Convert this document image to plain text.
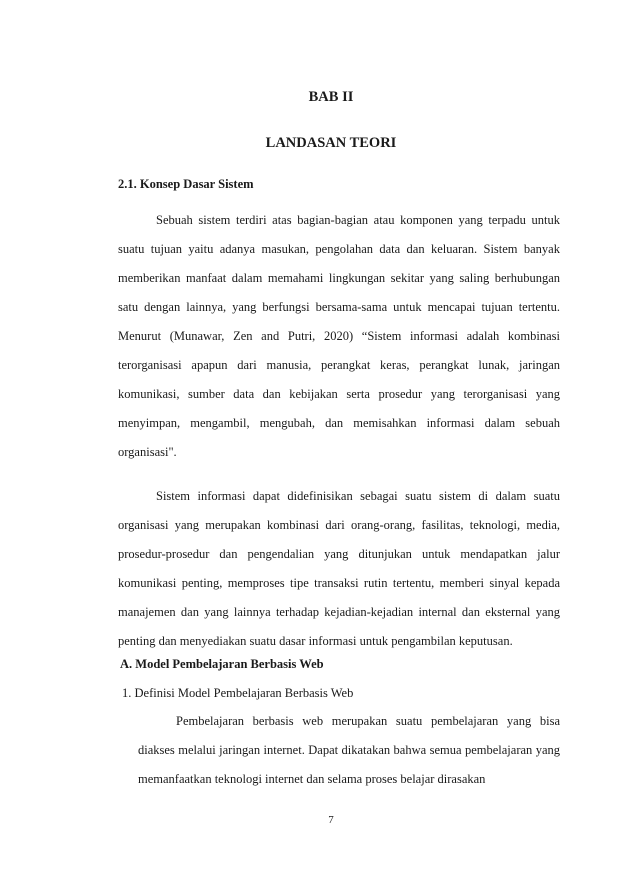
BAB II
LANDASAN TEORI
2.1. Konsep Dasar Sistem

Sebuah sistem terdiri atas bagian-bagian atau komponen yang terpadu untuk suatu tujuan yaitu adanya masukan, pengolahan data dan keluaran. Sistem banyak memberikan manfaat dalam memahami lingkungan sekitar yang saling berhubungan satu dengan lainnya, yang berfungsi bersama-sama untuk mencapai tujuan tertentu. Menurut (Munawar, Zen and Putri, 2020) “Sistem informasi adalah kombinasi terorganisasi apapun dari manusia, perangkat keras, perangkat lunak, jaringan komunikasi, sumber data dan kebijakan serta prosedur yang terorganisasi yang menyimpan, mengambil, mengubah, dan memisahkan informasi dalam sebuah organisasi".

Sistem informasi dapat didefinisikan sebagai suatu sistem di dalam suatu organisasi yang merupakan kombinasi dari orang-orang, fasilitas, teknologi, media, prosedur-prosedur dan pengendalian yang ditunjukan untuk mendapatkan jalur komunikasi penting, memproses tipe transaksi rutin tertentu, memberi sinyal kepada manajemen dan yang lainnya terhadap kejadian-kejadian internal dan eksternal yang penting dan menyediakan suatu dasar informasi untuk pengambilan keputusan.

A. Model Pembelajaran Berbasis Web
1. Definisi Model Pembelajaran Berbasis Web

Pembelajaran berbasis web merupakan suatu pembelajaran yang bisa diakses melalui jaringan internet. Dapat dikatakan bahwa semua pembelajaran yang memanfaatkan teknologi internet dan selama proses belajar dirasakan

7
